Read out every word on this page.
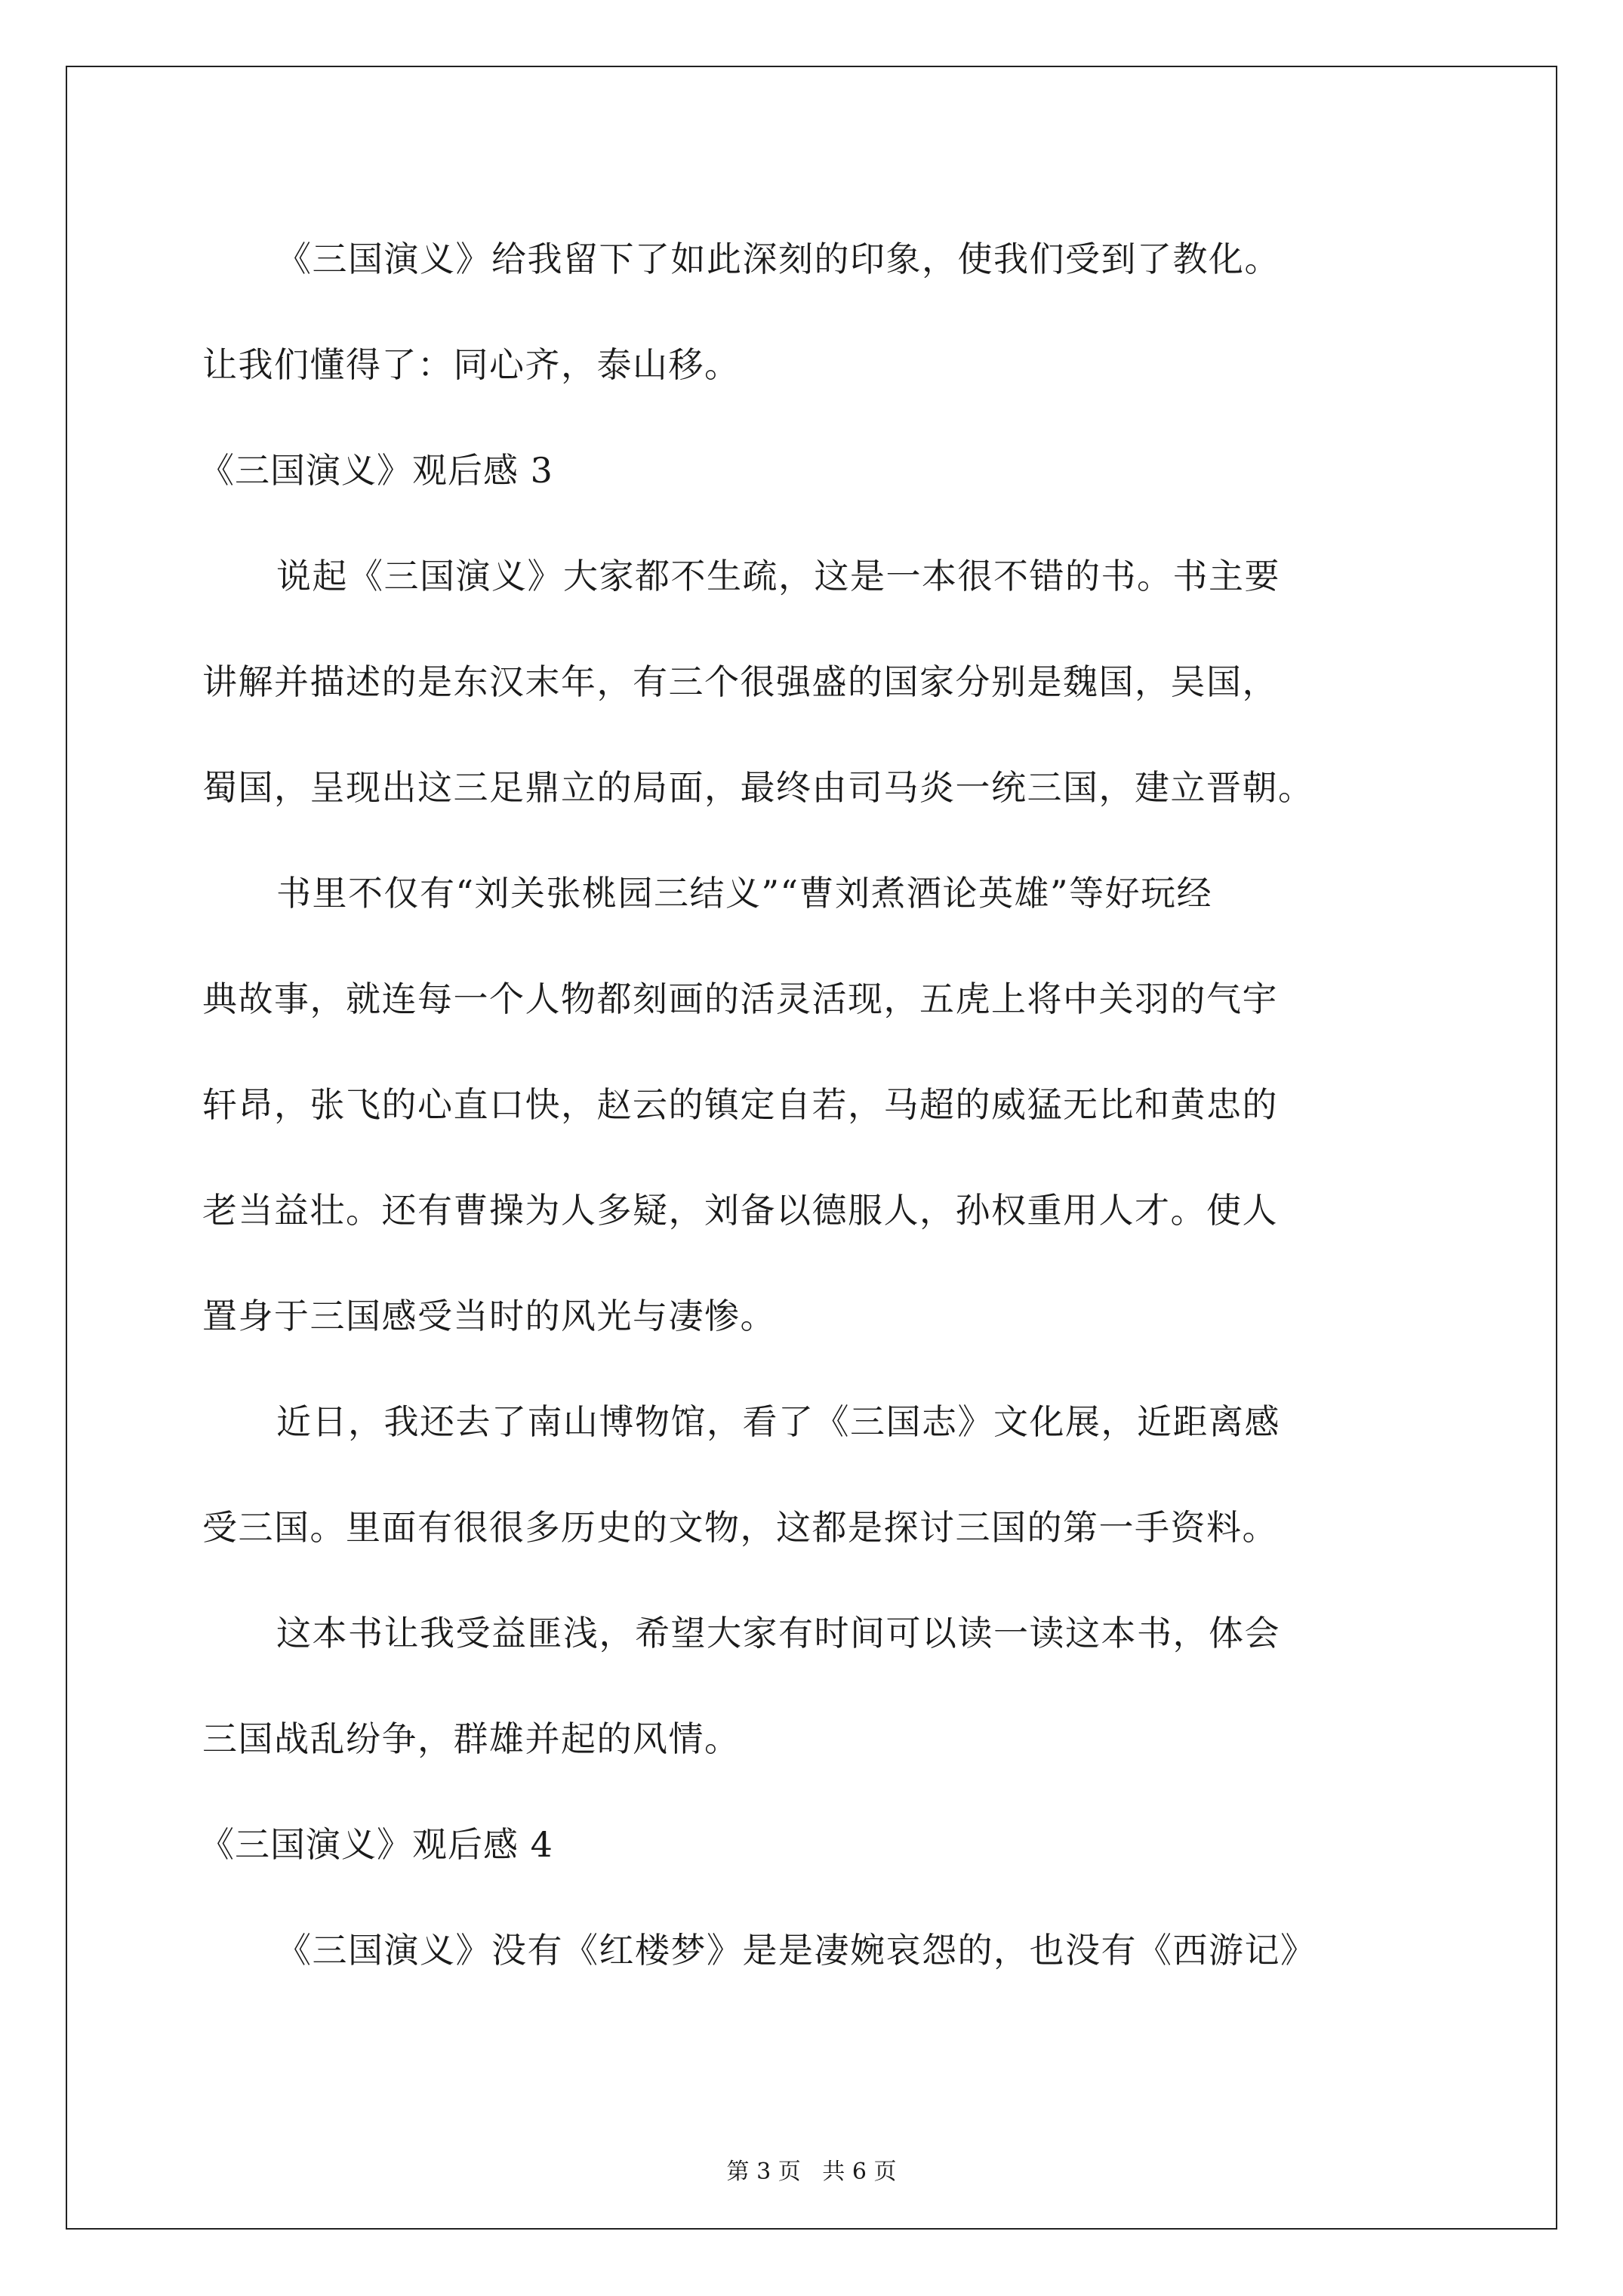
《三国演义》给我留下了如此深刻的印象，使我们受到了教化。

让我们懂得了：同心齐，泰山移。

《三国演义》观后感 3

说起《三国演义》大家都不生疏，这是一本很不错的书。书主要

讲解并描述的是东汉末年，有三个很强盛的国家分别是魏国，吴国，

蜀国，呈现出这三足鼎立的局面，最终由司马炎一统三国，建立晋朝。

书里不仅有“刘关张桃园三结义”“曹刘煮酒论英雄”等好玩经

典故事，就连每一个人物都刻画的活灵活现，五虎上将中关羽的气宇

轩昂，张飞的心直口快，赵云的镇定自若，马超的威猛无比和黄忠的

老当益壮。还有曹操为人多疑，刘备以德服人，孙权重用人才。使人

置身于三国感受当时的风光与凄惨。

近日，我还去了南山博物馆，看了《三国志》文化展，近距离感

受三国。里面有很很多历史的文物，这都是探讨三国的第一手资料。

这本书让我受益匪浅，希望大家有时间可以读一读这本书，体会

三国战乱纷争，群雄并起的风情。

《三国演义》观后感 4

《三国演义》没有《红楼梦》是是凄婉哀怨的，也没有《西游记》

第 3 页   共 6 页
